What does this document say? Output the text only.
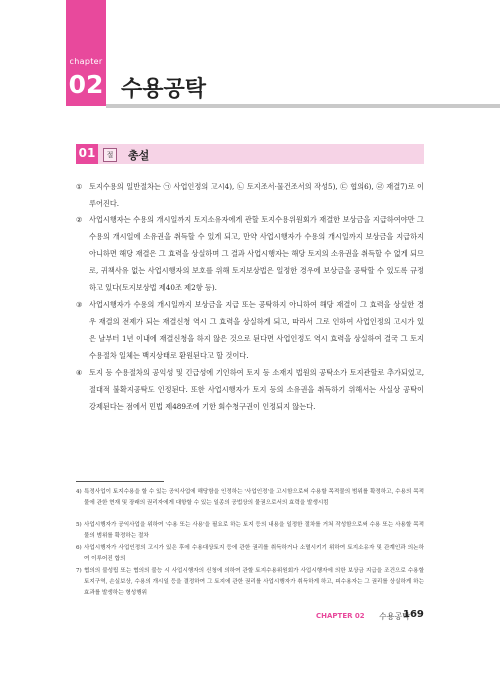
chapter
02 수용공탁
01	절	총설
① 토지수용의 일반절차는 ㉠ 사업인정의 고시4), ㉡ 토지조서·물건조서의 작성5), ㉢ 협의6), ㉣ 재결7)로 이루어진다.
② 사업시행자는 수용의 개시일까지 토지소유자에게 관할 토지수용위원회가 재결한 보상금을 지급하여야만 그 수용의 개시일에 소유권을 취득할 수 있게 되고, 만약 사업시행자가 수용의 개시일까지 보상금을 지급하지 아니하면 해당 재결은 그 효력을 상실하며 그 결과 사업시행자는 해당 토지의 소유권을 취득할 수 없게 되므로, 귀책사유 없는 사업시행자의 보호를 위해 토지보상법은 일정한 경우에 보상금을 공탁할 수 있도록 규정하고 있다(토지보상법 제40조 제2항 등).
③ 사업시행자가 수용의 개시일까지 보상금을 지급 또는 공탁하지 아니하여 해당 재결이 그 효력을 상실한 경우 재결의 전제가 되는 재결신청 역시 그 효력을 상실하게 되고, 따라서 그로 인하여 사업인정의 고시가 있은 날부터 1년 이내에 재결신청을 하지 않은 것으로 된다면 사업인정도 역시 효력을 상실하여 결국 그 토지수용절차 일체는 백지상태로 환원된다고 할 것이다.
④ 토지 등 수용절차의 공익성 및 긴급성에 기인하여 토지 등 소재지 법원의 공탁소가 토지관할로 추가되었고, 절대적 불확지공탁도 인정된다. 또한 사업시행자가 토지 등의 소유권을 취득하기 위해서는 사실상 공탁이 강제된다는 점에서 민법 제489조에 기한 회수청구권이 인정되지 않는다.
4) 특정사업이 토지수용을 할 수 있는 공익사업에 해당함을 인정하는 '사업인정'을 고시함으로써 수용할 목적물의 범위를 확정하고, 수용의 목적물에 관한 현재 및 장래의 권리자에게 대항할 수 있는 일종의 공법상의 물권으로서의 효력을 발생시킴
5) 사업시행자가 공익사업을 위하여 '수용 또는 사용'을 필요로 하는 토지 등의 내용을 일정한 절차를 거쳐 작성함으로써 수용 또는 사용할 목적물의 범위를 확정하는 절차
6) 사업시행자가 사업인정의 고시가 있은 후에 수용대상토지 등에 관한 권리를 취득하거나 소멸시키기 위하여 토지소유자 및 관계인과 의논하여 이루어진 합의
7) 협의의 불성립 또는 협의의 불능 시 사업시행자의 신청에 의하여 관할 토지수용위원회가 사업시행자에 의한 보상금 지급을 조건으로 수용할 토지구역, 손실보상, 수용의 개시일 등을 결정하여 그 토지에 관한 권리를 사업시행자가 취득하게 하고, 피수용자는 그 권리를 상실하게 하는 효과를 발생하는 형성행위
CHAPTER 02 수용공탁
169
